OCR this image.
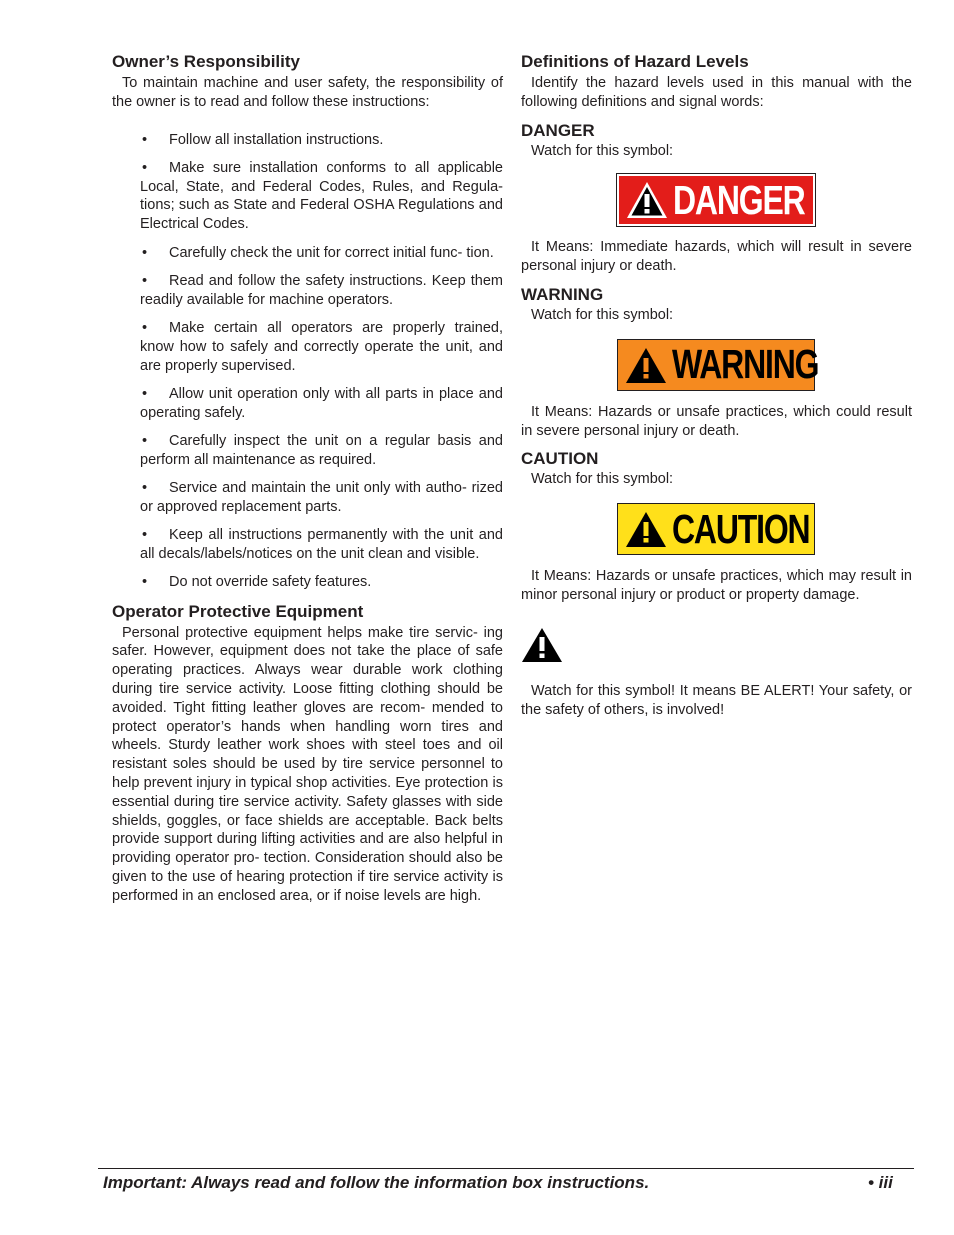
Owner’s Responsibility

To maintain machine and user safety, the responsibility of the owner is to read and follow these instructions:

• Follow all installation instructions.
• Make sure installation conforms to all applicable Local, State, and Federal Codes, Rules, and Regula- tions; such as State and Federal OSHA Regulations and Electrical Codes.
• Carefully check the unit for correct initial func- tion.
• Read and follow the safety instructions. Keep them readily available for machine operators.
• Make certain all operators are properly trained, know how to safely and correctly operate the unit, and are properly supervised.
• Allow unit operation only with all parts in place and operating safely.
• Carefully inspect the unit on a regular basis and perform all maintenance as required.
• Service and maintain the unit only with autho- rized or approved replacement parts.
• Keep all instructions permanently with the unit and all decals/labels/notices on the unit clean and visible.
• Do not override safety features.
Operator Protective Equipment

Personal protective equipment helps make tire servic- ing safer. However, equipment does not take the place of safe operating practices. Always wear durable work clothing during tire service activity. Loose fitting clothing should be avoided. Tight fitting leather gloves are recom- mended to protect operator’s hands when handling worn tires and wheels. Sturdy leather work shoes with steel toes and oil resistant soles should be used by tire service personnel to help prevent injury in typical shop activities. Eye protection is essential during tire service activity. Safety glasses with side shields, goggles, or face shields are acceptable. Back belts provide support during lifting activities and are also helpful in providing operator pro- tection. Consideration should also be given to the use of hearing protection if tire service activity is performed in an enclosed area, or if noise levels are high.

Definitions of Hazard Levels

Identify the hazard levels used in this manual with the following definitions and signal words:

DANGER

Watch for this symbol:

DANGER

It Means: Immediate hazards, which will result in severe personal injury or death.

WARNING

Watch for this symbol:

WARNING

It Means: Hazards or unsafe practices, which could result in severe personal injury or death.

CAUTION

Watch for this symbol:

CAUTION

It Means: Hazards or unsafe practices, which may result in minor personal injury or product or property damage.

Watch for this symbol! It means BE ALERT! Your safety, or the safety of others, is involved!

Important: Always read and follow the information box instructions.	• iii
